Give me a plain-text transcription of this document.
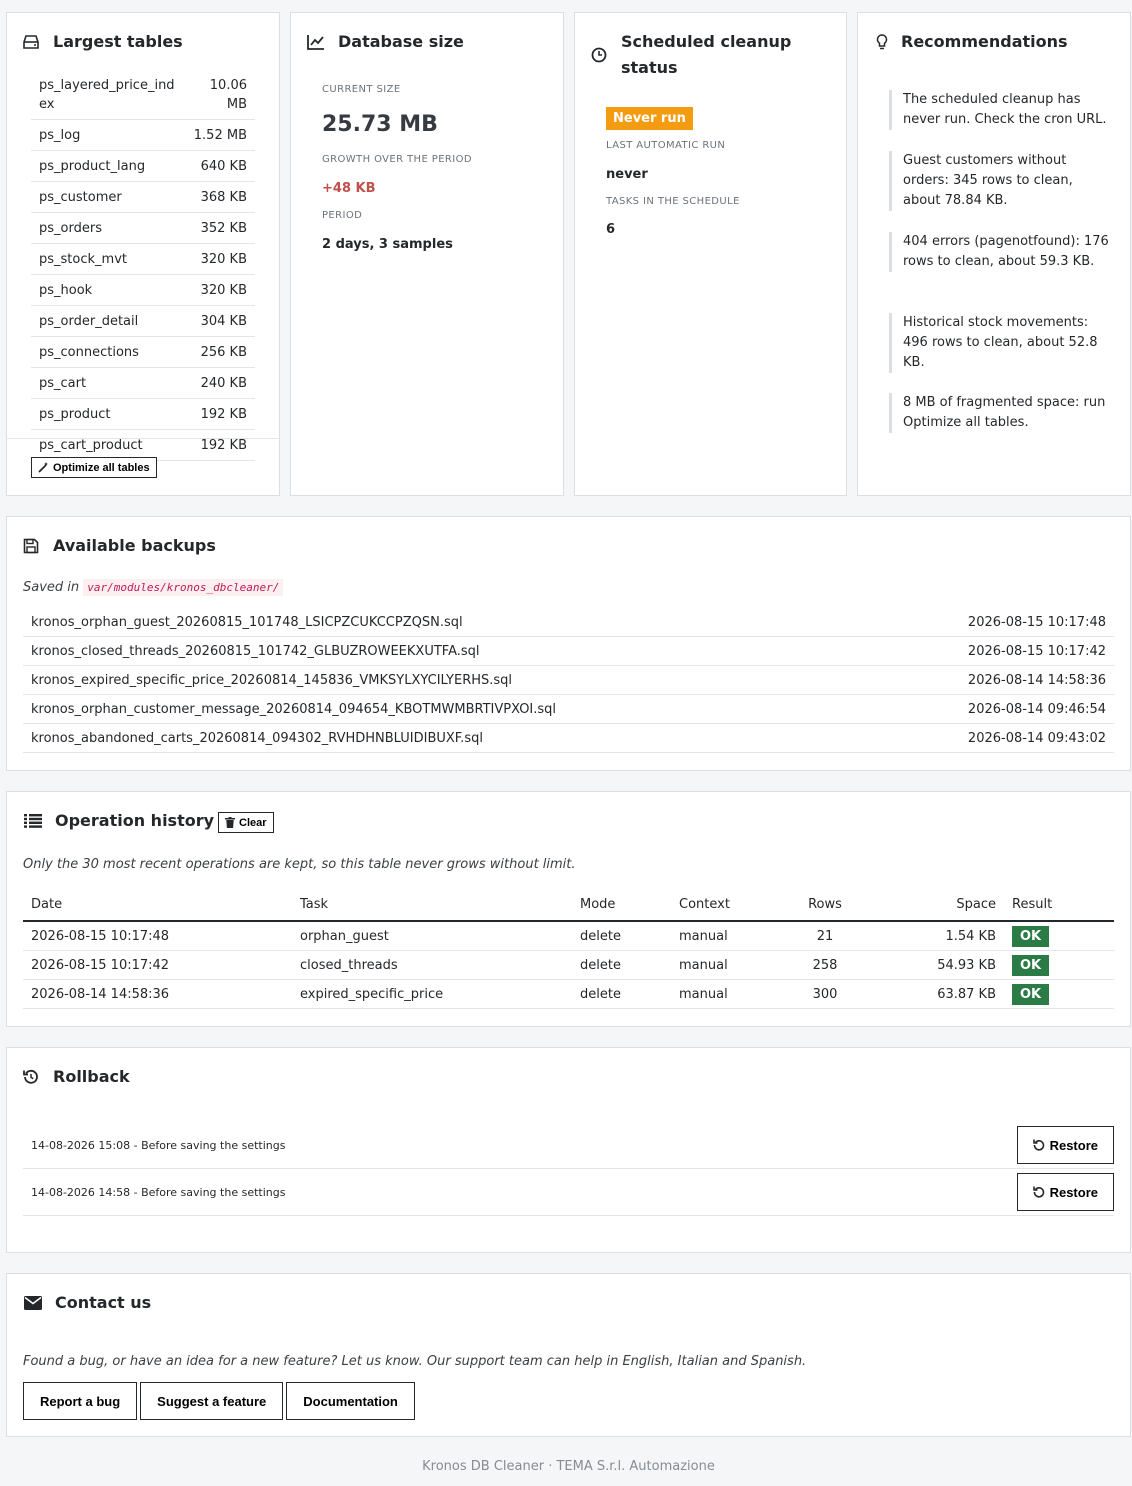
Largest tables
ps_layered_price_index
10.06 MB
ps_log	1.52 MB
ps_product_lang	640 KB
ps_customer	368 KB
ps_orders	352 KB
ps_stock_mvt	320 KB
ps_hook	320 KB
ps_order_detail	304 KB
ps_connections	256 KB
ps_cart	240 KB
ps_product	192 KB
ps_cart_product	192 KB
Optimize all tables
Database size
CURRENT SIZE
25.73 MB
GROWTH OVER THE PERIOD
+48 KB
PERIOD
2 days, 3 samples
Scheduled cleanup
status
Never run
LAST AUTOMATIC RUN
never
TASKS IN THE SCHEDULE
6
Recommendations
The scheduled cleanup has never run. Check the cron URL.
Guest customers without orders: 345 rows to clean, about 78.84 KB.
404 errors (pagenotfound): 176 rows to clean, about 59.3 KB.
Historical stock movements: 496 rows to clean, about 52.8 KB.
8 MB of fragmented space: run Optimize all tables.
Available backups
Saved in var/modules/kronos_dbcleaner/
kronos_orphan_guest_20260815_101748_LSICPZCUKCCPZQSN.sql	2026-08-15 10:17:48
kronos_closed_threads_20260815_101742_GLBUZROWEEKXUTFA.sql	2026-08-15 10:17:42
kronos_expired_specific_price_20260814_145836_VMKSYLXYCILYERHS.sql	2026-08-14 14:58:36
kronos_orphan_customer_message_20260814_094654_KBOTMWMBRTIVPXOI.sql	2026-08-14 09:46:54
kronos_abandoned_carts_20260814_094302_RVHDHNBLUIDIBUXF.sql	2026-08-14 09:43:02
Operation history Clear
Only the 30 most recent operations are kept, so this table never grows without limit.
Date	Task	Mode	Context	Rows	Space	Result
2026-08-15 10:17:48	orphan_guest	delete	manual	21	1.54 KB	OK
2026-08-15 10:17:42	closed_threads	delete	manual	258	54.93 KB	OK
2026-08-14 14:58:36	expired_specific_price	delete	manual	300	63.87 KB	OK
Rollback
14-08-2026 15:08 - Before saving the settings	Restore
14-08-2026 14:58 - Before saving the settings	Restore
Contact us
Found a bug, or have an idea for a new feature? Let us know. Our support team can help in English, Italian and Spanish.
Report a bug	Suggest a feature	Documentation
Kronos DB Cleaner · TEMA S.r.l. Automazione
